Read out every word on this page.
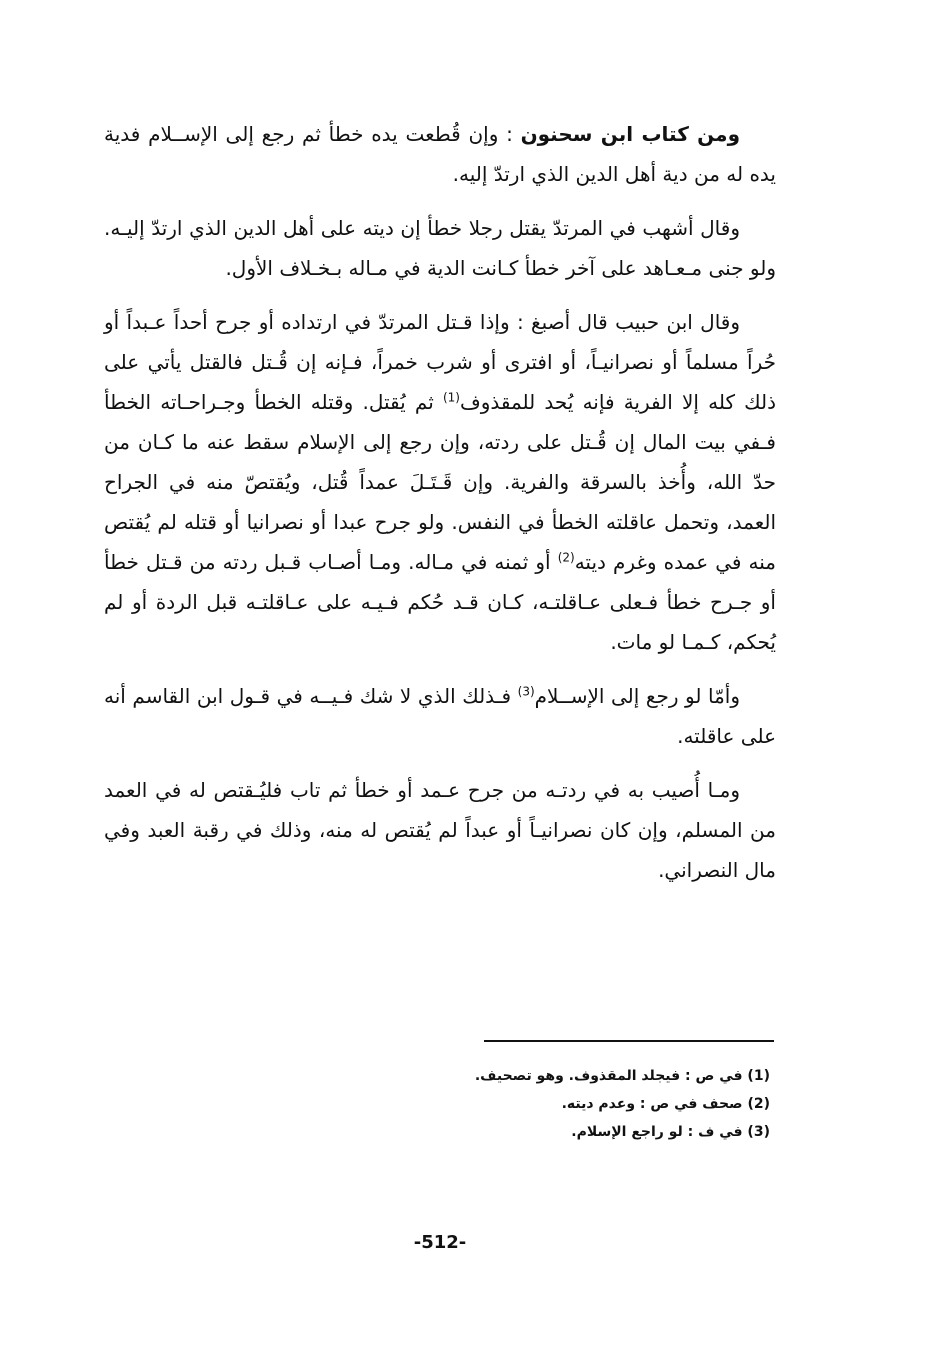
ومن كتاب ابن سحنون : وإن قُطعت يده خطأ ثم رجع إلى الإســلام فدية يده له من دية أهل الدين الذي ارتدّ إليه.

وقال أشهب في المرتدّ يقتل رجلا خطأ إن ديته على أهل الدين الذي ارتدّ إليـه. ولو جنى مـعـاهد على آخر خطأ كـانت الدية في مـاله بـخـلاف الأول.

وقال ابن حبيب قال أصبغ : وإذا قـتل المرتدّ في ارتداده أو جرح أحداً عـبداً أو حُراً مسلماً أو نصرانيـاً، أو افترى أو شرب خمراً، فـإنه إن قُـتل فالقتل يأتي على ذلك كله إلا الفرية فإنه يُحد للمقذوف$^{(1)}$ ثم يُقتل. وقتله الخطأ وجـراحـاته الخطأ فـفي بيت المال إن قُـتل على ردته، وإن رجع إلى الإسلام سقط عنه ما كـان من حدّ الله، وأُخذ بالسرقة والفرية. وإن قَـتَـلَ عمداً قُتل، ويُقتصّ منه في الجراح العمد، وتحمل عاقلته الخطأ في النفس. ولو جرح عبدا أو نصرانيا أو قتله لم يُقتص منه في عمده وغرم ديته$^{(2)}$ أو ثمنه في مـاله. ومـا أصـاب قـبل ردته من قـتل خطأ أو جـرح خطأ فـعلى عـاقلتـه، كـان قـد حُكم فـيـه على عـاقلتـه قبل الردة أو لم يُحكم، كـمـا لو مات.

وأمّا لو رجع إلى الإســلام$^{(3)}$ فـذلك الذي لا شك فـيــه في قـول ابن القاسم أنه على عاقلته.

ومـا أُصيب به في ردتـه من جرح عـمد أو خطأ ثم تاب فليُـقتص له في العمد من المسلم، وإن كان نصرانيـاً أو عبداً لم يُقتص له منه، وذلك في رقبة العبد وفي مال النصراني.

(1) في ص : فيجلد المقذوف. وهو تصحيف.

(2) صحف في ص : وعدم ديته.

(3) في ف : لو راجع الإسلام.

-512-
